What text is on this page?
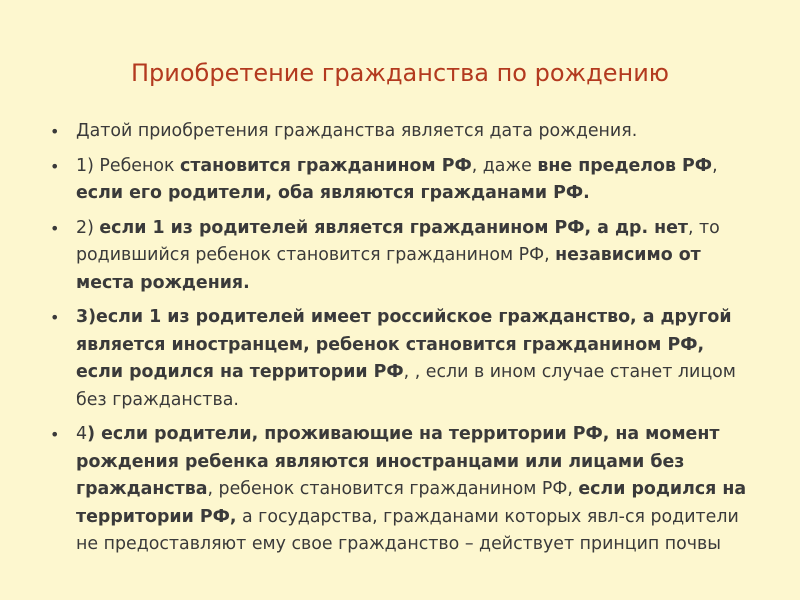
Приобретение гражданства по рождению
• Датой приобретения гражданства является дата рождения.
• 1) Ребенок становится гражданином РФ, даже вне пределов РФ, если его родители, оба являются гражданами РФ.
• 2) если 1 из родителей является гражданином РФ, а др. нет, то родившийся ребенок становится гражданином РФ, независимо от места рождения.
• 3)если 1 из родителей имеет российское гражданство, а другой является иностранцем, ребенок становится гражданином РФ, если родился на территории РФ, , если в ином случае станет лицом без гражданства.
• 4) если родители, проживающие на территории РФ, на момент рождения ребенка являются иностранцами или лицами без гражданства, ребенок становится гражданином РФ, если родился на территории РФ, а государства, гражданами которых явл-ся родители не предоставляют ему свое гражданство – действует принцип почвы
